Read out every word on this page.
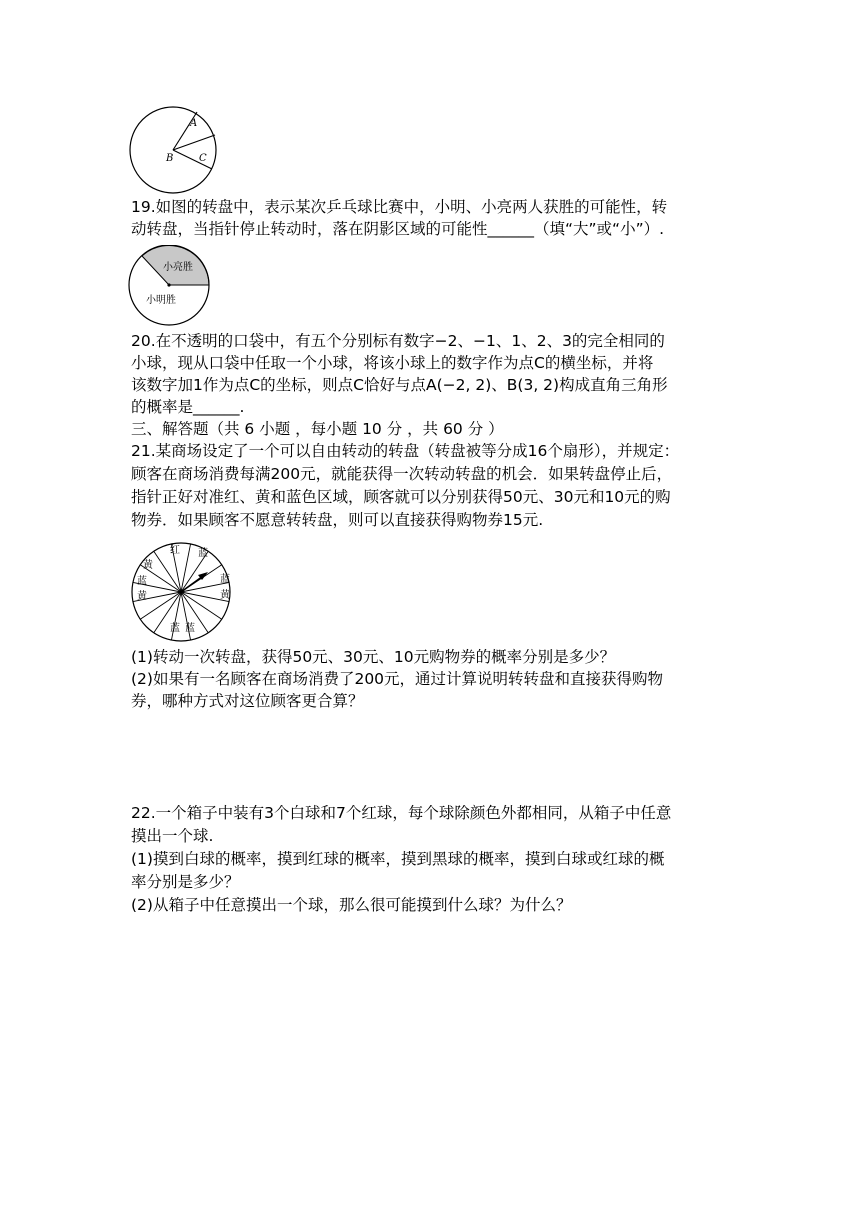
A
B	C
19.如图的转盘中，表示某次乒乓球比赛中，小明、小亮两人获胜的可能性，转
动转盘，当指针停止转动时，落在阴影区域的可能性______（填“大”或“小”）.
小亮胜
小明胜
20.在不透明的口袋中，有五个分别标有数字−2、−1、1、2、3的完全相同的
小球，现从口袋中任取一个小球，将该小球上的数字作为点C的横坐标，并将
该数字加1作为点C的坐标，则点C恰好与点A(−2, 2)、B(3, 2)构成直角三角形
的概率是______.
三、解答题（共 6 小题 ，每小题 10 分 ，共 60 分 ）
21.某商场设定了一个可以自由转动的转盘（转盘被等分成16个扇形），并规定：
顾客在商场消费每满200元，就能获得一次转动转盘的机会．如果转盘停止后，
指针正好对准红、黄和蓝色区域，顾客就可以分别获得50元、30元和10元的购
物券．如果顾客不愿意转转盘，则可以直接获得购物券15元.
红 蓝
黄
蓝
黄
蓝
黄
蓝 蓝
(1)转动一次转盘，获得50元、30元、10元购物券的概率分别是多少？
(2)如果有一名顾客在商场消费了200元，通过计算说明转转盘和直接获得购物
券，哪种方式对这位顾客更合算？
22.一个箱子中装有3个白球和7个红球，每个球除颜色外都相同，从箱子中任意
摸出一个球.
(1)摸到白球的概率，摸到红球的概率，摸到黑球的概率，摸到白球或红球的概
率分别是多少？
(2)从箱子中任意摸出一个球，那么很可能摸到什么球？为什么？
